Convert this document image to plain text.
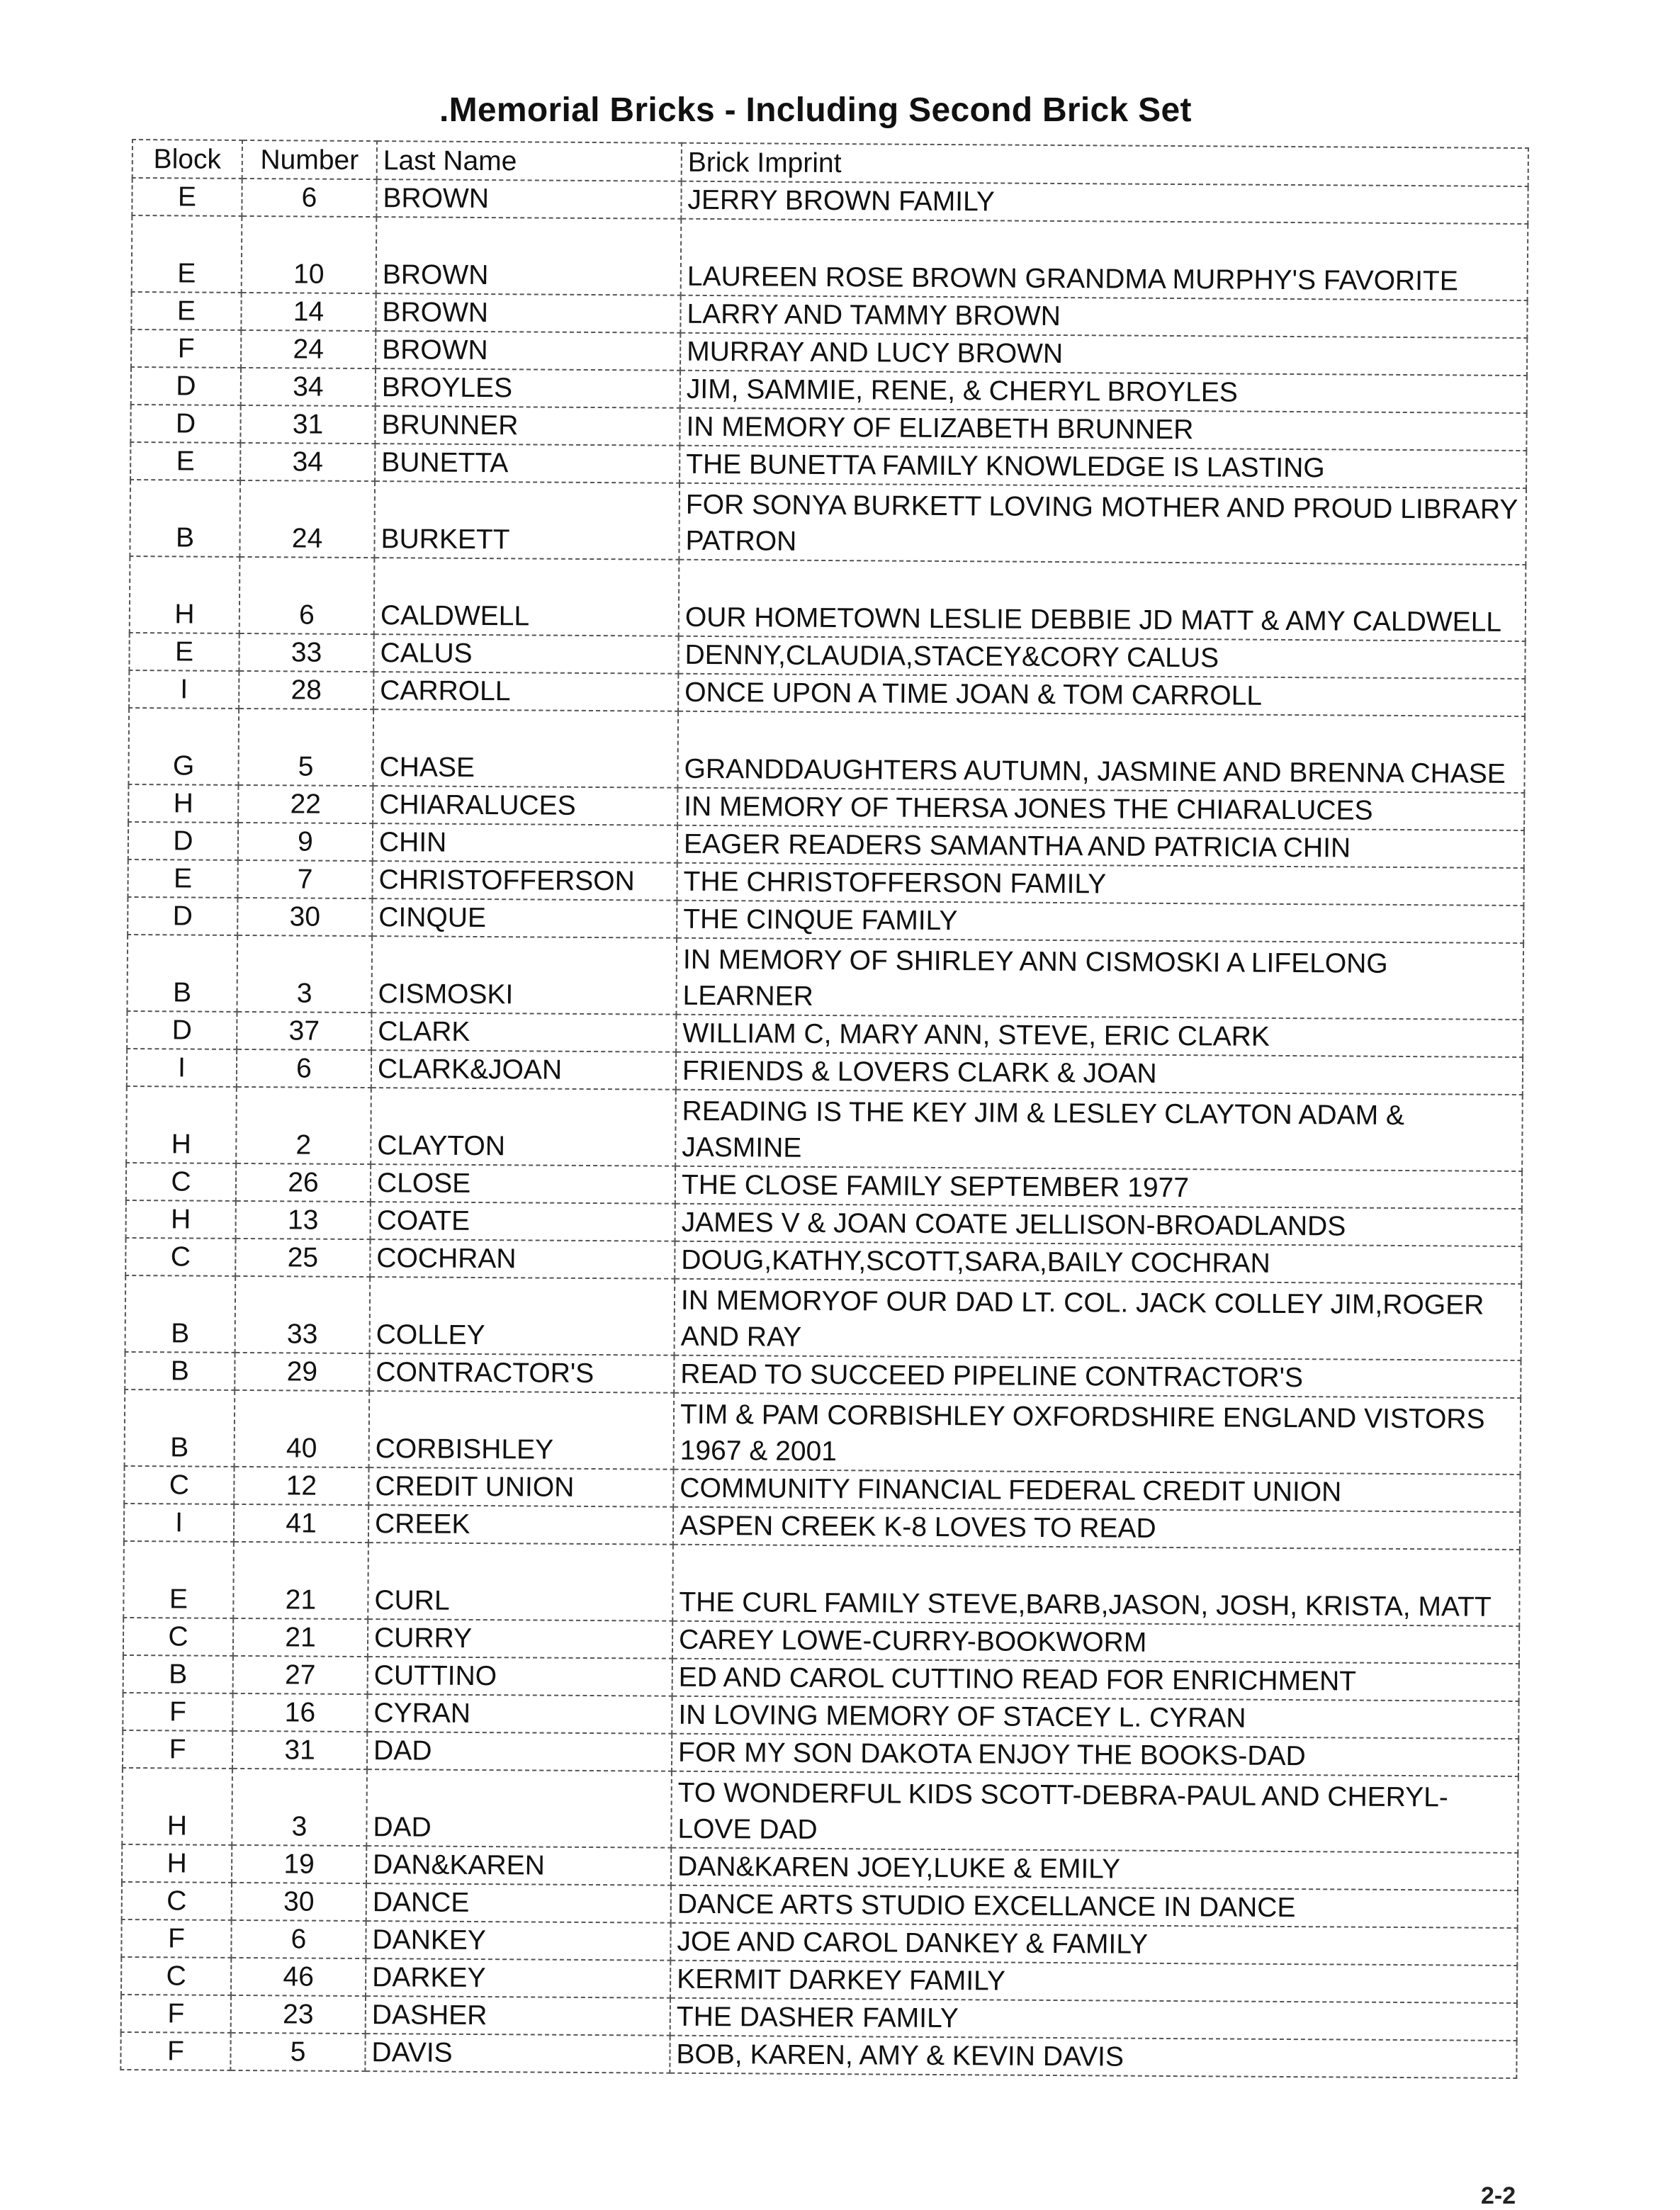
.Memorial Bricks - Including Second Brick Set
Block	Number	Last Name	Brick Imprint
E	6	BROWN	JERRY BROWN FAMILY
E	10	BROWN	LAUREEN ROSE BROWN GRANDMA MURPHY'S FAVORITE
E	14	BROWN	LARRY AND TAMMY BROWN
F	24	BROWN	MURRAY AND LUCY BROWN
D	34	BROYLES	JIM, SAMMIE, RENE, & CHERYL BROYLES
D	31	BRUNNER	IN MEMORY OF ELIZABETH BRUNNER
E	34	BUNETTA	THE BUNETTA FAMILY KNOWLEDGE IS LASTING
B	24	BURKETT	FOR SONYA BURKETT LOVING MOTHER AND PROUD LIBRARY PATRON
H	6	CALDWELL	OUR HOMETOWN LESLIE DEBBIE JD MATT & AMY CALDWELL
E	33	CALUS	DENNY,CLAUDIA,STACEY&CORY CALUS
I	28	CARROLL	ONCE UPON A TIME JOAN & TOM CARROLL
G	5	CHASE	GRANDDAUGHTERS AUTUMN, JASMINE AND BRENNA CHASE
H	22	CHIARALUCES	IN MEMORY OF THERSA JONES THE CHIARALUCES
D	9	CHIN	EAGER READERS SAMANTHA AND PATRICIA CHIN
E	7	CHRISTOFFERSON	THE CHRISTOFFERSON FAMILY
D	30	CINQUE	THE CINQUE FAMILY
B	3	CISMOSKI	IN MEMORY OF SHIRLEY ANN CISMOSKI A LIFELONG LEARNER
D	37	CLARK	WILLIAM C, MARY ANN, STEVE, ERIC CLARK
I	6	CLARK&JOAN	FRIENDS & LOVERS CLARK & JOAN
H	2	CLAYTON	READING IS THE KEY JIM & LESLEY CLAYTON ADAM & JASMINE
C	26	CLOSE	THE CLOSE FAMILY SEPTEMBER 1977
H	13	COATE	JAMES V & JOAN COATE JELLISON-BROADLANDS
C	25	COCHRAN	DOUG,KATHY,SCOTT,SARA,BAILY COCHRAN
B	33	COLLEY	IN MEMORYOF OUR DAD LT. COL. JACK COLLEY JIM,ROGER AND RAY
B	29	CONTRACTOR'S	READ TO SUCCEED PIPELINE CONTRACTOR'S
B	40	CORBISHLEY	TIM & PAM CORBISHLEY OXFORDSHIRE ENGLAND VISTORS 1967 & 2001
C	12	CREDIT UNION	COMMUNITY FINANCIAL FEDERAL CREDIT UNION
I	41	CREEK	ASPEN CREEK K-8 LOVES TO READ
E	21	CURL	THE CURL FAMILY STEVE,BARB,JASON, JOSH, KRISTA, MATT
C	21	CURRY	CAREY LOWE-CURRY-BOOKWORM
B	27	CUTTINO	ED AND CAROL CUTTINO READ FOR ENRICHMENT
F	16	CYRAN	IN LOVING MEMORY OF STACEY L. CYRAN
F	31	DAD	FOR MY SON DAKOTA ENJOY THE BOOKS-DAD
H	3	DAD	TO WONDERFUL KIDS SCOTT-DEBRA-PAUL AND CHERYL-LOVE DAD
H	19	DAN&KAREN	DAN&KAREN JOEY,LUKE & EMILY
C	30	DANCE	DANCE ARTS STUDIO EXCELLANCE IN DANCE
F	6	DANKEY	JOE AND CAROL DANKEY & FAMILY
C	46	DARKEY	KERMIT DARKEY FAMILY
F	23	DASHER	THE DASHER FAMILY
F	5	DAVIS	BOB, KAREN, AMY & KEVIN DAVIS
2-2
